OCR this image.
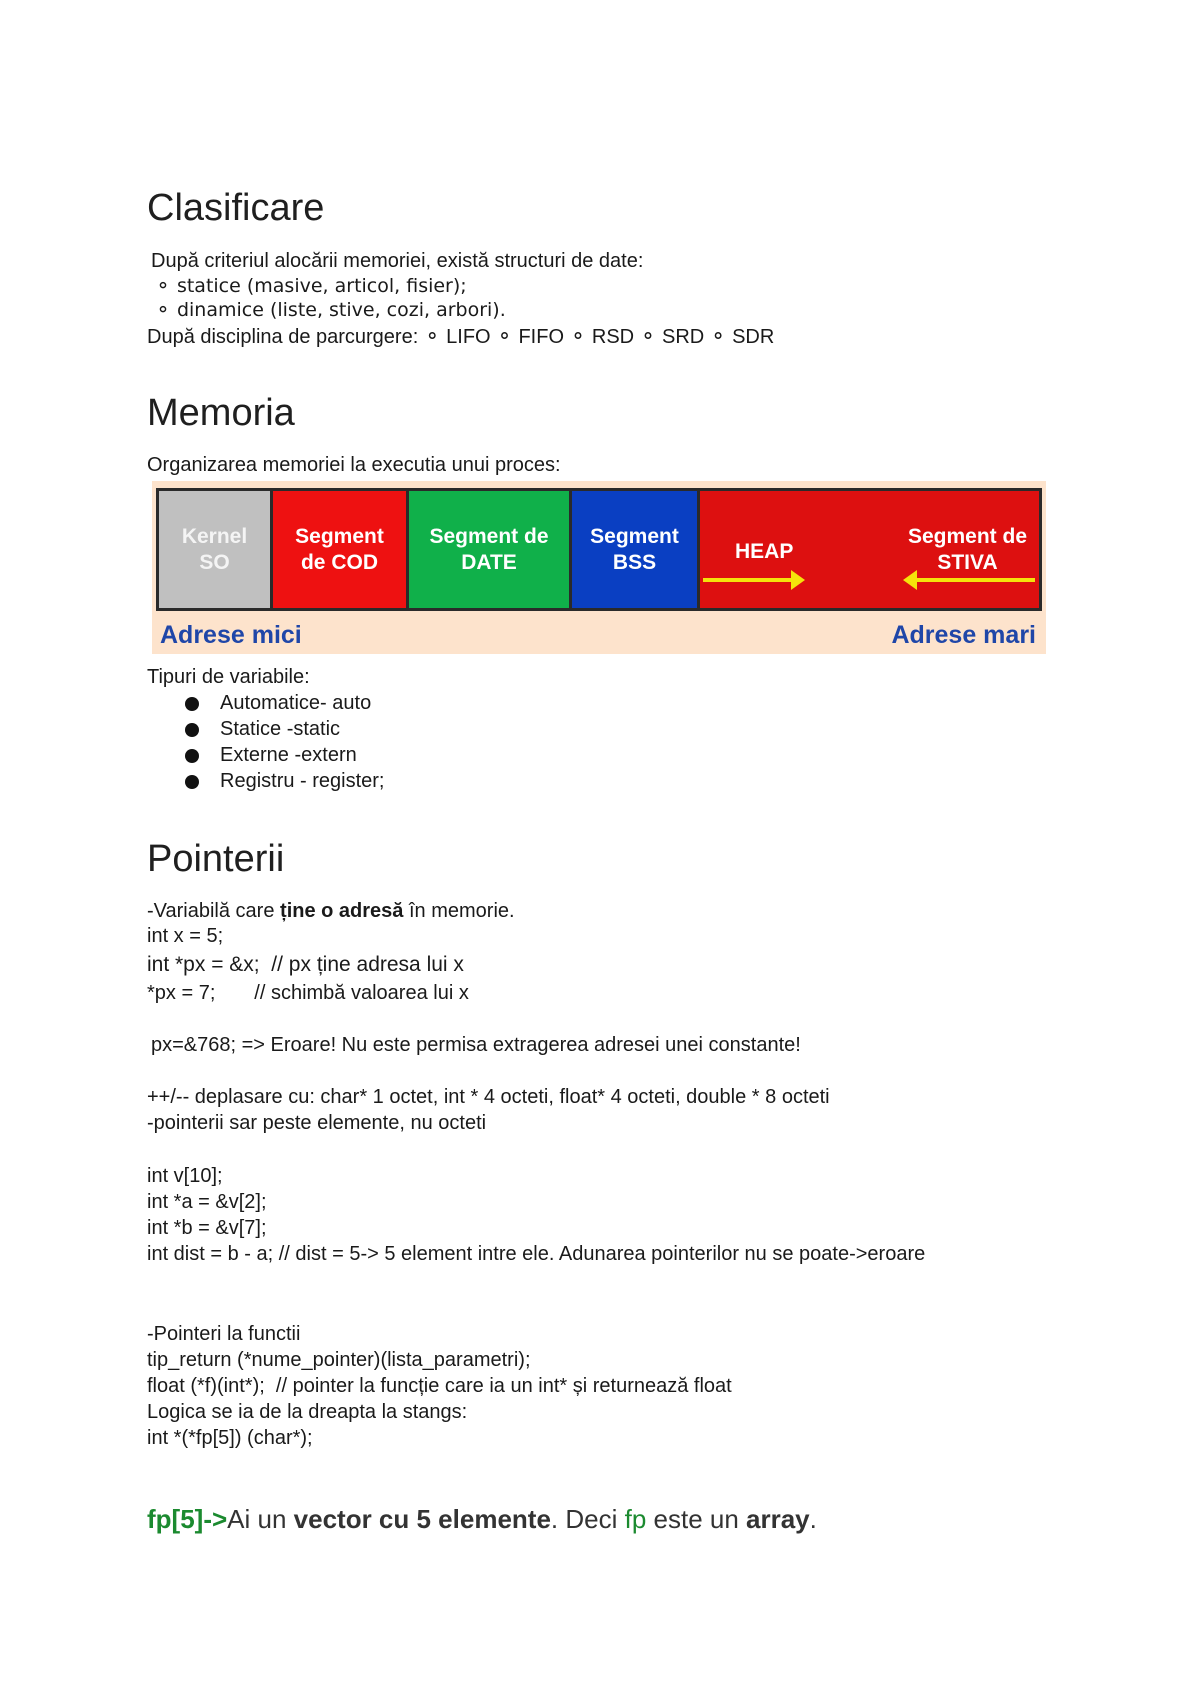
Clasificare
După criteriul alocării memoriei, există structuri de date:
⚬ statice (masive, articol, fisier);
⚬ dinamice (liste, stive, cozi, arbori).
După disciplina de parcurgere: ⚬ LIFO ⚬ FIFO ⚬ RSD ⚬ SRD ⚬ SDR
Memoria
Organizarea memoriei la executia unui proces:
Kernel
SO
Segment
de COD
Segment de
DATE
Segment
BSS	HEAP
Segment de
STIVA
Adrese mici	Adrese mari
Tipuri de variabile:
Automatice- auto
Statice -static
Externe -extern
Registru - register;
Pointerii
-Variabilă care ține o adresă în memorie.
int x = 5;
int *px = &x;  // px ține adresa lui x
*px = 7;       // schimbă valoarea lui x
px=&768; => Eroare! Nu este permisa extragerea adresei unei constante!
++/-- deplasare cu: char* 1 octet, int * 4 octeti, float* 4 octeti, double * 8 octeti
-pointerii sar peste elemente, nu octeti
int v[10];
int *a = &v[2];
int *b = &v[7];
int dist = b - a; // dist = 5-> 5 element intre ele. Adunarea pointerilor nu se poate->eroare
-Pointeri la functii
tip_return (*nume_pointer)(lista_parametri);
float (*f)(int*);  // pointer la funcție care ia un int* și returnează float
Logica se ia de la dreapta la stangs:
int *(*fp[5]) (char*);
fp[5]->Ai un vector cu 5 elemente. Deci fp este un array.
